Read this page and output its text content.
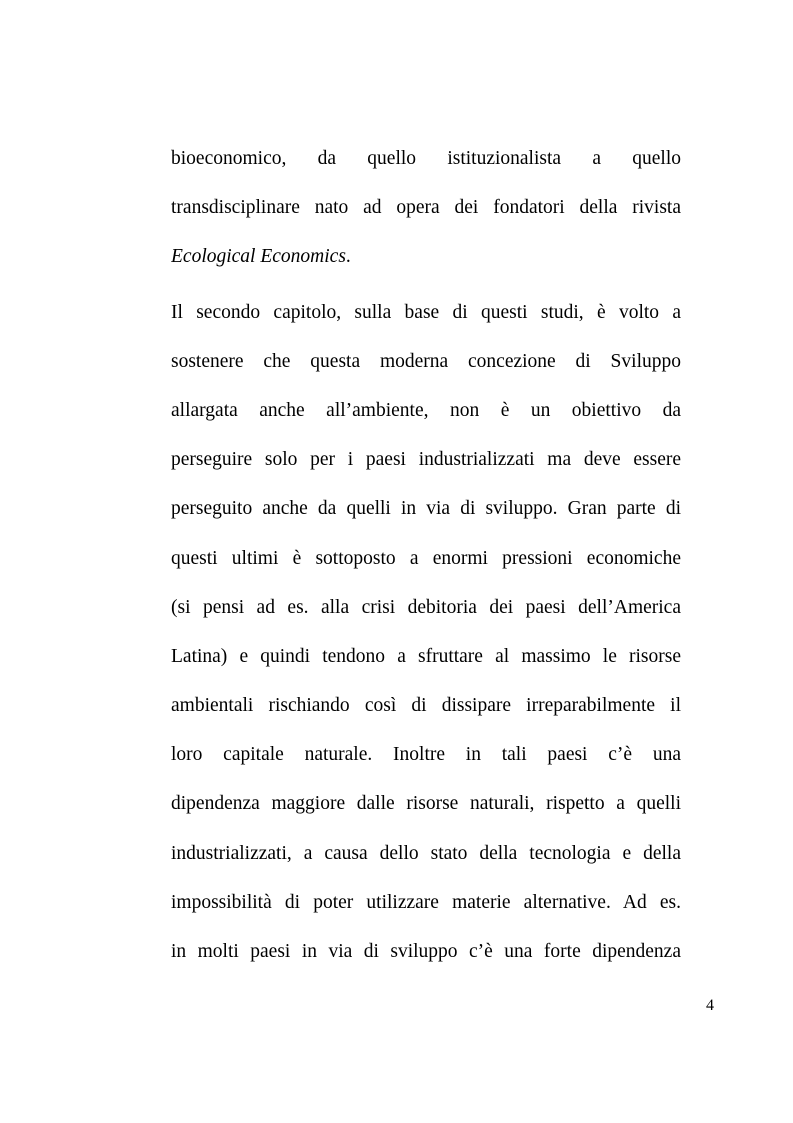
bioeconomico, da quello istituzionalista a quello
transdisciplinare nato ad opera dei fondatori della rivista
Ecological Economics.
Il secondo capitolo, sulla base di questi studi, è volto a
sostenere che questa moderna concezione di Sviluppo
allargata anche all’ambiente, non è un obiettivo da
perseguire solo per i paesi industrializzati ma deve essere
perseguito anche da quelli in via di sviluppo. Gran parte di
questi ultimi è sottoposto a enormi pressioni economiche
(si pensi ad es. alla crisi debitoria dei paesi dell’America
Latina) e quindi tendono a sfruttare al massimo le risorse
ambientali rischiando così di dissipare irreparabilmente il
loro capitale naturale. Inoltre in tali paesi c’è una
dipendenza maggiore dalle risorse naturali, rispetto a quelli
industrializzati, a causa dello stato della tecnologia e della
impossibilità di poter utilizzare materie alternative. Ad es.
in molti paesi in via di sviluppo c’è una forte dipendenza
4
